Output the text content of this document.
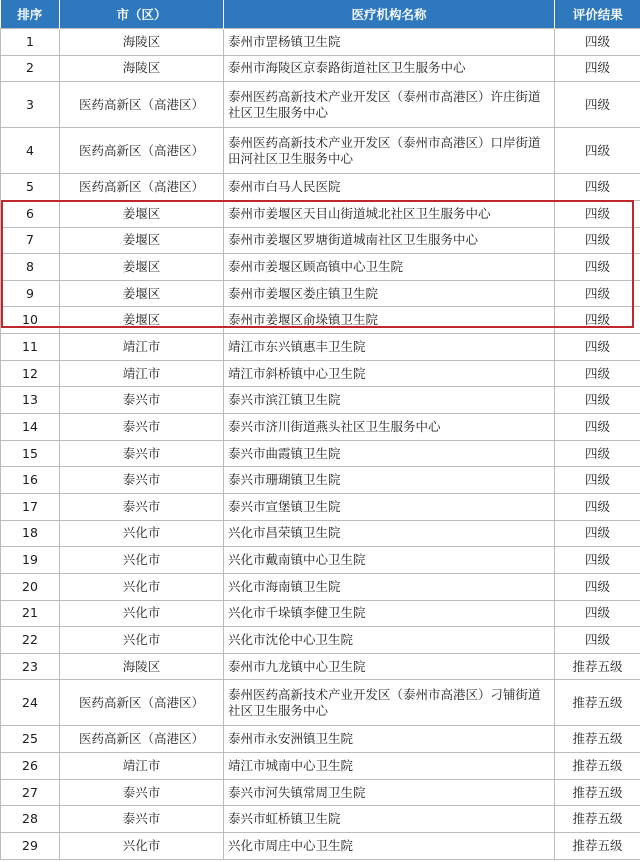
排序	市（区）	医疗机构名称	评价结果
1	海陵区	泰州市罡杨镇卫生院	四级
2	海陵区	泰州市海陵区京泰路街道社区卫生服务中心	四级
3	医药高新区（高港区）	泰州医药高新技术产业开发区（泰州市高港区）许庄街道社区卫生服务中心	四级
4	医药高新区（高港区）	泰州医药高新技术产业开发区（泰州市高港区）口岸街道田河社区卫生服务中心	四级
5	医药高新区（高港区）	泰州市白马人民医院	四级
6	姜堰区	泰州市姜堰区天目山街道城北社区卫生服务中心	四级
7	姜堰区	泰州市姜堰区罗塘街道城南社区卫生服务中心	四级
8	姜堰区	泰州市姜堰区顾高镇中心卫生院	四级
9	姜堰区	泰州市姜堰区娄庄镇卫生院	四级
10	姜堰区	泰州市姜堰区俞垛镇卫生院	四级
11	靖江市	靖江市东兴镇惠丰卫生院	四级
12	靖江市	靖江市斜桥镇中心卫生院	四级
13	泰兴市	泰兴市滨江镇卫生院	四级
14	泰兴市	泰兴市济川街道燕头社区卫生服务中心	四级
15	泰兴市	泰兴市曲霞镇卫生院	四级
16	泰兴市	泰兴市珊瑚镇卫生院	四级
17	泰兴市	泰兴市宣堡镇卫生院	四级
18	兴化市	兴化市昌荣镇卫生院	四级
19	兴化市	兴化市戴南镇中心卫生院	四级
20	兴化市	兴化市海南镇卫生院	四级
21	兴化市	兴化市千垛镇李健卫生院	四级
22	兴化市	兴化市沈伦中心卫生院	四级
23	海陵区	泰州市九龙镇中心卫生院	推荐五级
24	医药高新区（高港区）	泰州医药高新技术产业开发区（泰州市高港区）刁铺街道社区卫生服务中心	推荐五级
25	医药高新区（高港区）	泰州市永安洲镇卫生院	推荐五级
26	靖江市	靖江市城南中心卫生院	推荐五级
27	泰兴市	泰兴市河失镇常周卫生院	推荐五级
28	泰兴市	泰兴市虹桥镇卫生院	推荐五级
29	兴化市	兴化市周庄中心卫生院	推荐五级
